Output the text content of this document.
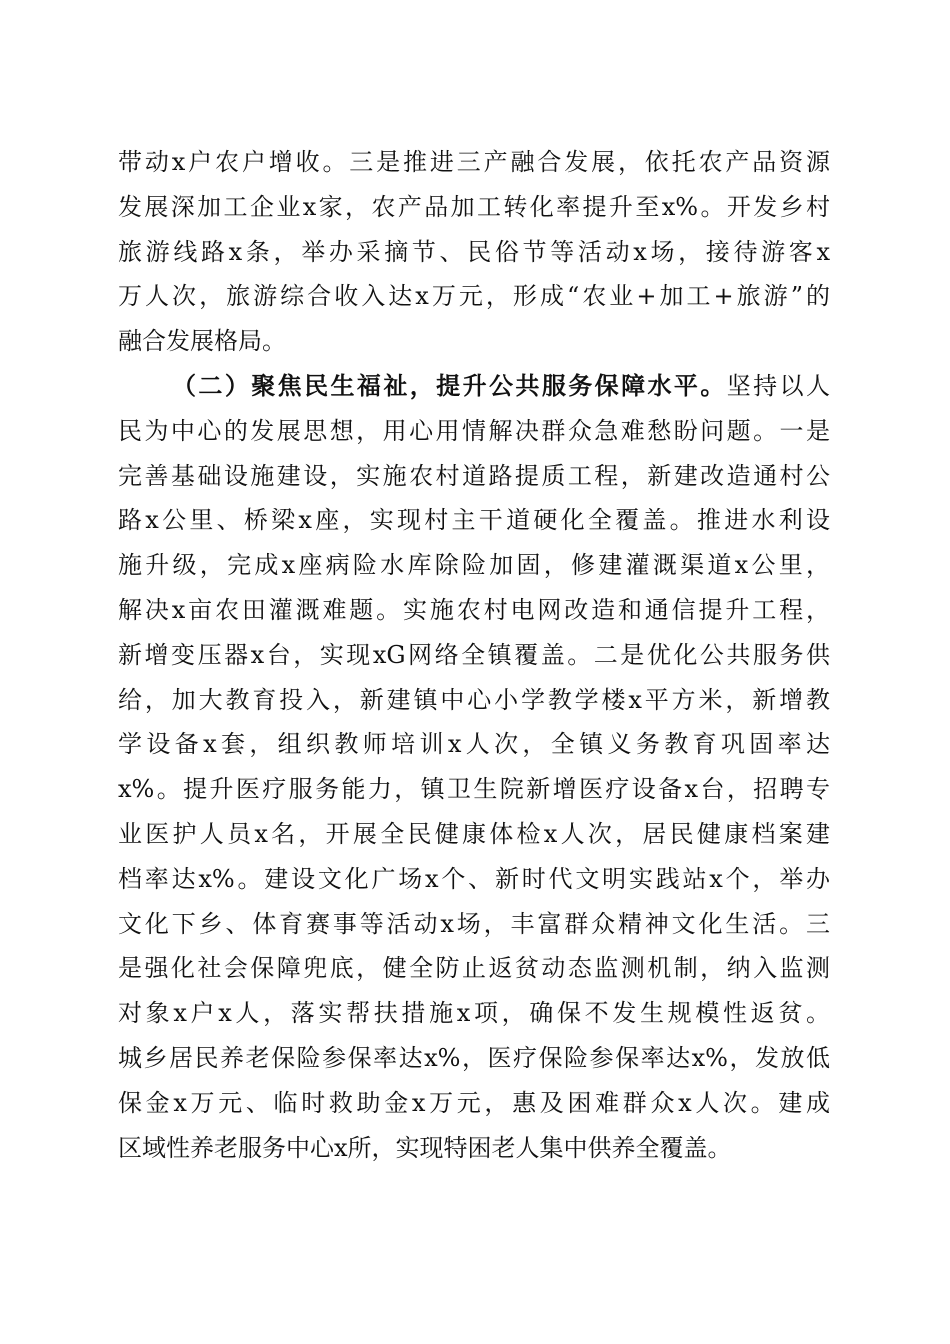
带动x户农户增收。三是推进三产融合发展，依托农产品资源
发展深加工企业x家，农产品加工转化率提升至x%。开发乡村
旅游线路x条，举办采摘节、民俗节等活动x场，接待游客x
万人次，旅游综合收入达x万元，形成“农业+加工+旅游”的
融合发展格局。
（二）聚焦民生福祉，提升公共服务保障水平。坚持以人
民为中心的发展思想，用心用情解决群众急难愁盼问题。一是
完善基础设施建设，实施农村道路提质工程，新建改造通村公
路x公里、桥梁x座，实现村主干道硬化全覆盖。推进水利设
施升级，完成x座病险水库除险加固，修建灌溉渠道x公里，
解决x亩农田灌溉难题。实施农村电网改造和通信提升工程，
新增变压器x台，实现xG网络全镇覆盖。二是优化公共服务供
给，加大教育投入，新建镇中心小学教学楼x平方米，新增教
学设备x套，组织教师培训x人次，全镇义务教育巩固率达
x%。提升医疗服务能力，镇卫生院新增医疗设备x台，招聘专
业医护人员x名，开展全民健康体检x人次，居民健康档案建
档率达x%。建设文化广场x个、新时代文明实践站x个，举办
文化下乡、体育赛事等活动x场，丰富群众精神文化生活。三
是强化社会保障兜底，健全防止返贫动态监测机制，纳入监测
对象x户x人，落实帮扶措施x项，确保不发生规模性返贫。
城乡居民养老保险参保率达x%，医疗保险参保率达x%，发放低
保金x万元、临时救助金x万元，惠及困难群众x人次。建成
区域性养老服务中心x所，实现特困老人集中供养全覆盖。
